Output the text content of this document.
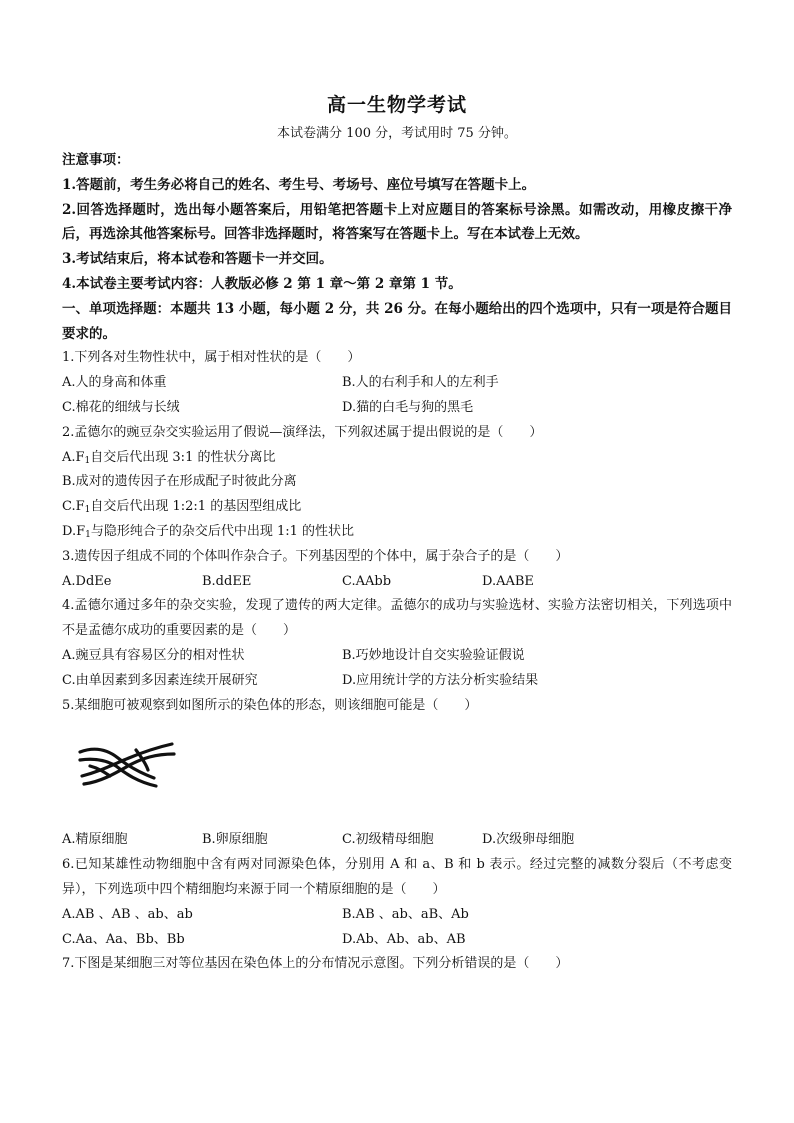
高一生物学考试
本试卷满分 100 分，考试用时 75 分钟。
注意事项：
1.答题前，考生务必将自己的姓名、考生号、考场号、座位号填写在答题卡上。
2.回答选择题时，选出每小题答案后，用铅笔把答题卡上对应题目的答案标号涂黑。如需改动，用橡皮擦干净后，再选涂其他答案标号。回答非选择题时，将答案写在答题卡上。写在本试卷上无效。
3.考试结束后，将本试卷和答题卡一并交回。
4.本试卷主要考试内容：人教版必修 2 第 1 章～第 2 章第 1 节。
一、单项选择题：本题共 13 小题，每小题 2 分，共 26 分。在每小题给出的四个选项中，只有一项是符合题目要求的。
1.下列各对生物性状中，属于相对性状的是（　　）
A.人的身高和体重	B.人的右利手和人的左利手
C.棉花的细绒与长绒	D.猫的白毛与狗的黑毛
2.孟德尔的豌豆杂交实验运用了假说—演绎法，下列叙述属于提出假说的是（　　）
$A.F_1$自交后代出现 3:1 的性状分离比
B.成对的遗传因子在形成配子时彼此分离
$C.F_1$自交后代出现 1:2:1 的基因型组成比
$D.F_1$与隐形纯合子的杂交后代中出现 1:1 的性状比
3.遗传因子组成不同的个体叫作杂合子。下列基因型的个体中，属于杂合子的是（　　）
A.DdEe	B.ddEE	C.AAbb	D.AABE
4.孟德尔通过多年的杂交实验，发现了遗传的两大定律。孟德尔的成功与实验选材、实验方法密切相关，下列选项中不是孟德尔成功的重要因素的是（　　）
A.豌豆具有容易区分的相对性状	B.巧妙地设计自交实验验证假说
C.由单因素到多因素连续开展研究	D.应用统计学的方法分析实验结果
5.某细胞可被观察到如图所示的染色体的形态，则该细胞可能是（　　）
A.精原细胞	B.卵原细胞	C.初级精母细胞	D.次级卵母细胞
6.已知某雄性动物细胞中含有两对同源染色体，分别用 A 和 a、B 和 b 表示。经过完整的减数分裂后（不考虑变异），下列选项中四个精细胞均来源于同一个精原细胞的是（　　）
A.AB 、AB 、ab、ab	B.AB 、ab、aB、Ab
C.Aa、Aa、Bb、Bb	D.Ab、Ab、ab、AB
7.下图是某细胞三对等位基因在染色体上的分布情况示意图。下列分析错误的是（　　）
